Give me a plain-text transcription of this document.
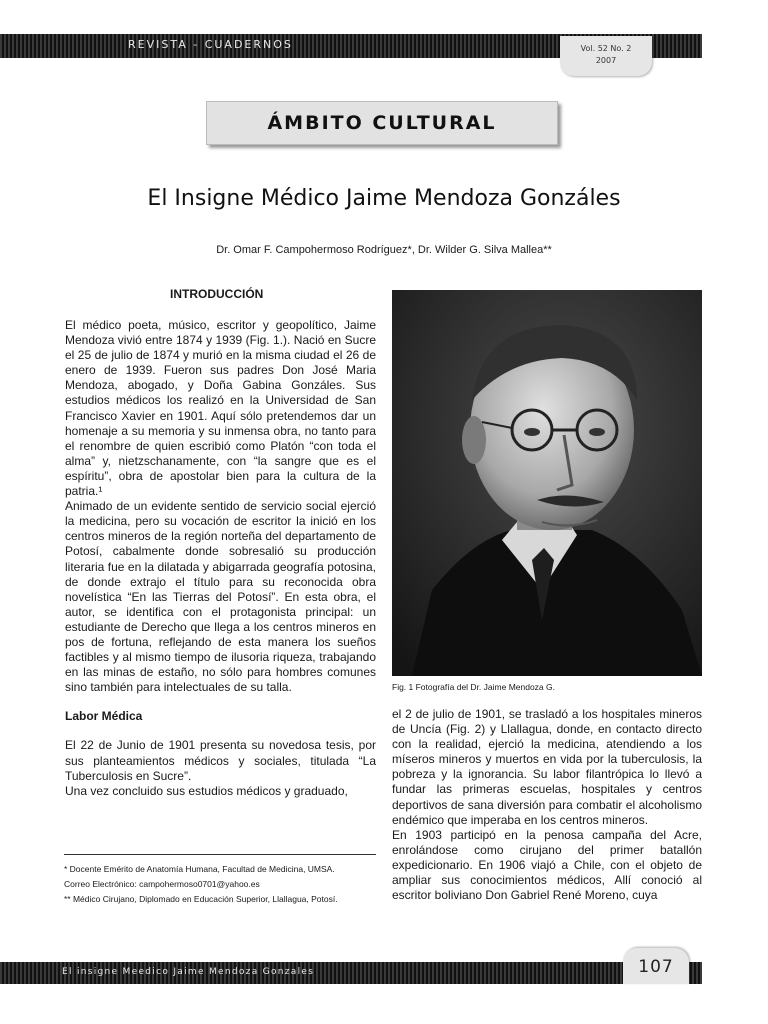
REVISTA - CUADERNOS	Vol. 52 No. 2
2007
ÁMBITO CULTURAL
El Insigne Médico Jaime Mendoza Gonzáles
Dr. Omar F. Campohermoso Rodríguez*, Dr. Wilder G. Silva Mallea**
INTRODUCCIÓN

El médico poeta, músico, escritor y geopolítico, Jaime Mendoza vivió entre 1874 y 1939 (Fig. 1.). Nació en Sucre el 25 de julio de 1874 y murió en la misma ciudad el 26 de enero de 1939. Fueron sus padres Don José Maria Mendoza, abogado, y Doña Gabina Gonzáles. Sus estudios médicos los realizó en la Universidad de San Francisco Xavier en 1901. Aquí sólo pretendemos dar un homenaje a su memoria y su inmensa obra, no tanto para el renombre de quien escribió como Platón “con toda el alma” y, nietzschanamente, con “la sangre que es el espíritu”, obra de apostolar bien para la cultura de la patria.¹

Animado de un evidente sentido de servicio social ejerció la medicina, pero su vocación de escritor la inició en los centros mineros de la región norteña del departamento de Potosí, cabalmente donde sobresalió su producción literaria fue en la dilatada y abigarrada geografía potosina, de donde extrajo el título para su reconocida obra novelística “En las Tierras del Potosí”. En esta obra, el autor, se identifica con el protagonista principal: un estudiante de Derecho que llega a los centros mineros en pos de fortuna, reflejando de esta manera los sueños factibles y al mismo tiempo de ilusoria riqueza, trabajando en las minas de estaño, no sólo para hombres comunes sino también para intelectuales de su talla.

Labor Médica

El 22 de Junio de 1901 presenta su novedosa tesis, por sus planteamientos médicos y sociales, titulada “La Tuberculosis en Sucre”.

Una vez concluido sus estudios médicos y graduado,

Fig. 1 Fotografía del Dr. Jaime Mendoza G.

el 2 de julio de 1901, se trasladó a los hospitales mineros de Uncía (Fig. 2) y Llallagua, donde, en contacto directo con la realidad, ejerció la medicina, atendiendo a los míseros mineros y muertos en vida por la tuberculosis, la pobreza y la ignorancia. Su labor filantrópica lo llevó a fundar las primeras escuelas, hospitales y centros deportivos de sana diversión para combatir el alcoholismo endémico que imperaba en los centros mineros.

En 1903 participó en la penosa campaña del Acre, enrolándose como cirujano del primer batallón expedicionario. En 1906 viajó a Chile, con el objeto de ampliar sus conocimientos médicos, Allí conoció al escritor boliviano Don Gabriel René Moreno, cuya

* Docente Emérito de Anatomía Humana, Facultad de Medicina, UMSA.
Correo Electrónico: campohermoso0701@yahoo.es
** Médico Cirujano, Diplomado en Educación Superior, Llallagua, Potosí.
El insigne Meedico Jaime Mendoza Gonzales	107
